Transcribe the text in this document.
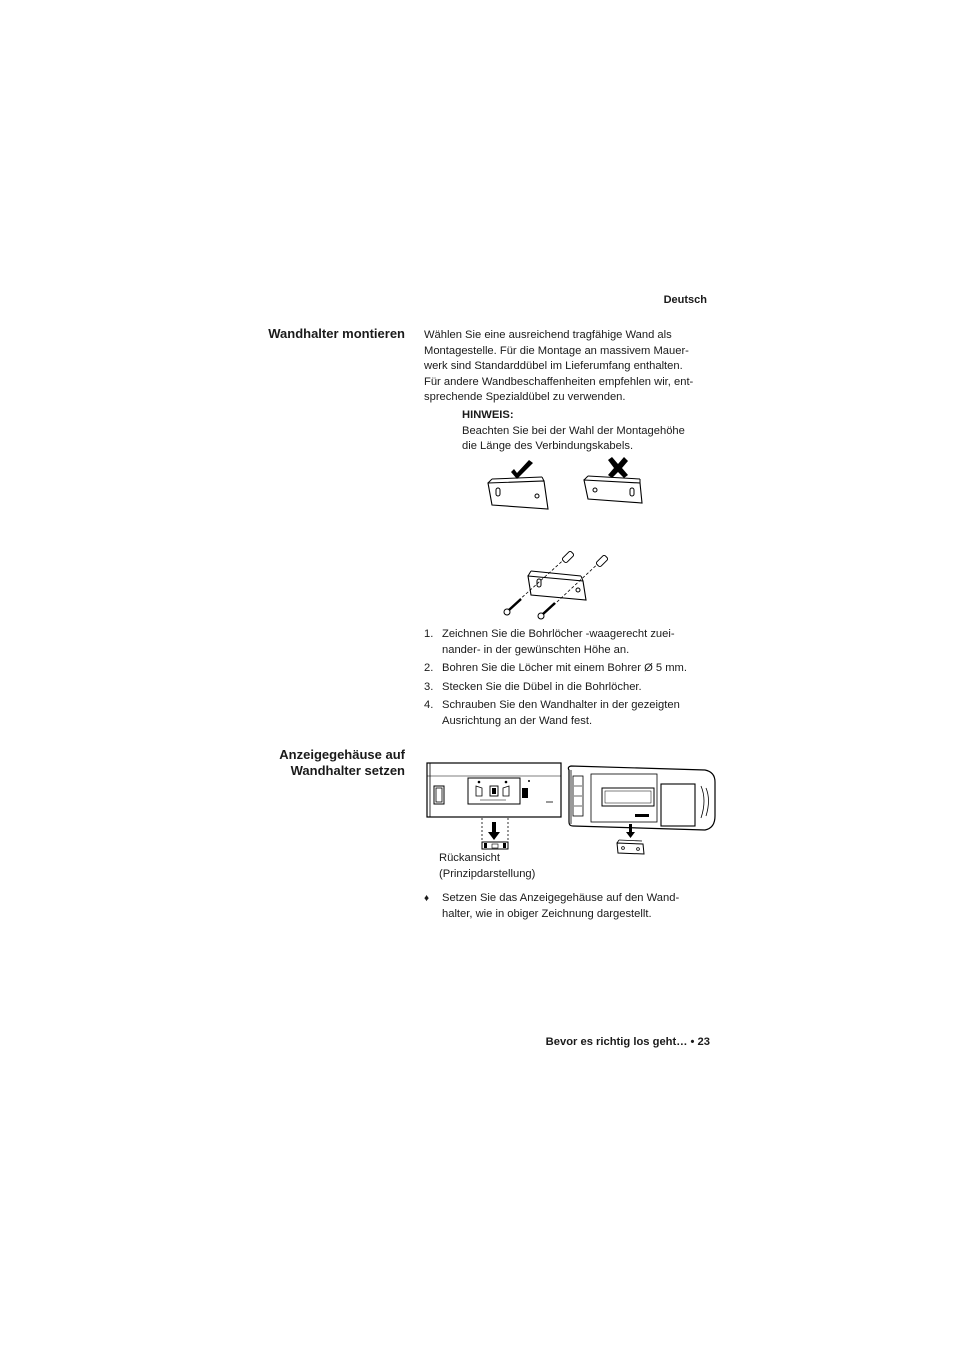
Deutsch
Wandhalter montieren Wählen Sie eine ausreichend tragfähige Wand als

Montagestelle. Für die Montage an massivem Mauer-

werk sind Standarddübel im Lieferumfang enthalten.

Für andere Wandbeschaffenheiten empfehlen wir, ent-

sprechende Spezialdübel zu verwenden.

HINWEIS:
Beachten Sie bei der Wahl der Montagehöhe
die Länge des Verbindungskabels.
1. Zeichnen Sie die Bohrlöcher -waagerecht zuei-
nander- in der gewünschten Höhe an.
2. Bohren Sie die Löcher mit einem Bohrer Ø 5 mm.
3. Stecken Sie die Dübel in die Bohrlöcher.
4. Schrauben Sie den Wandhalter in der gezeigten
Ausrichtung an der Wand fest.
Anzeigegehäuse auf
Wandhalter setzen
Rückansicht
(Prinzipdarstellung)
♦ Setzen Sie das Anzeigegehäuse auf den Wand-
halter, wie in obiger Zeichnung dargestellt.
Bevor es richtig los geht… • 23
